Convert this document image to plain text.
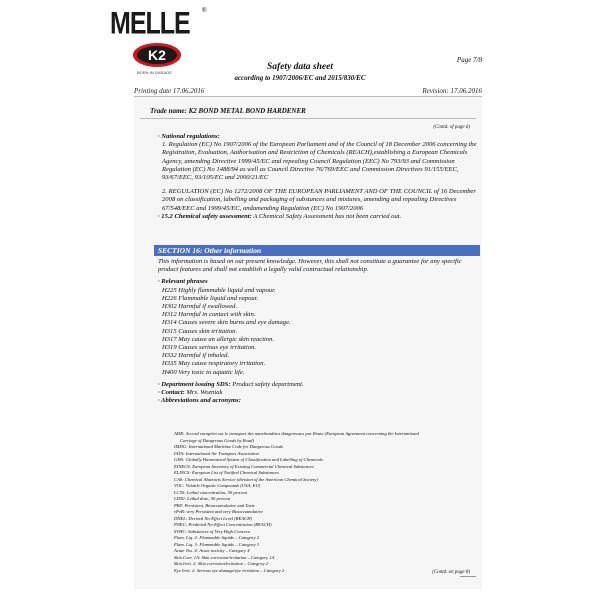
MELLE ®
K2
BORN IN GARAGE
Page 7/8
Safety data sheet
according to 1907/2006/EC and 2015/830/EC
Printing date 17.06.2016	Revision: 17.06.2016
Trade name: K2 BOND METAL BOND HARDENER
(Contd. of page 6)

· National regulations:

1. Regulation (EC) No 1907/2006 of the European Parliament and of the Council of 18 December 2006 concerning the Registration, Evaluation, Authorisation and Restriction of Chemicals (REACH),establishing a European Chemicals Agency, amending Directive 1999/45/EC and repealing Council Regulation (EEC) No 793/93 and Commission Regulation (EC) No 1488/94 as well as Council Directive 76/769/EEC and Commission Directives 91/155/EEC, 93/67/EEC, 93/105/EC and 2000/21/EC

2. REGULATION (EC) No 1272/2008 OF THE EUROPEAN PARLIAMENT AND OF THE COUNCIL of 16 December 2008 on classification, labelling and packaging of substances and mixtures, amending and repealing Directives 67/548/EEC and 1999/45/EC, andamending Regulation (EC) No 1907/2006

· 15.2 Chemical safety assessment: A Chemical Safety Assessment has not been carried out.

SECTION 16: Other information

This information is based on our present knowledge. However, this shall not constitute a guarantee for any specific product features and shall not establish a legally valid contractual relationship.

· Relevant phrases

H225 Highly flammable liquid and vapour.

H226 Flammable liquid and vapour.

H302 Harmful if swallowed.

H312 Harmful in contact with skin.

H314 Causes severe skin burns and eye damage.

H315 Causes skin irritation.

H317 May cause an allergic skin reaction.

H319 Causes serious eye irritation.

H332 Harmful if inhaled.

H335 May cause respiratory irritation.

H400 Very toxic to aquatic life.

· Department issuing SDS: Product safety department.

· Contact: Mrs. Wozniak

· Abbreviations and acronyms:

ADR: Accord européen sur le transport des marchandises dangereuses par Route (European Agreement concerning the International

Carriage of Dangerous Goods by Road)

IMDG: International Maritime Code for Dangerous Goods

IATA: International Air Transport Association

GHS: Globally Harmonised System of Classification and Labelling of Chemicals

EINECS: European Inventory of Existing Commercial Chemical Substances

ELINCS: European List of Notified Chemical Substances

CAS: Chemical Abstracts Service (division of the American Chemical Society)

VOC: Volatile Organic Compounds (USA, EU)

LC50: Lethal concentration, 50 percent

LD50: Lethal dose, 50 percent

PBT: Persistent, Bioaccumulative and Toxic

vPvB: very Persistent and very Bioaccumulative

DNEL: Derived No-Effect Level (REACH)

PNEC: Predicted No-Effect Concentration (REACH)

SVHC: Substances of Very High Concern

Flam. Liq. 2: Flammable liquids – Category 2

Flam. Liq. 3: Flammable liquids – Category 3

Acute Tox. 4: Acute toxicity – Category 4

Skin Corr. 1A: Skin corrosion/irritation – Category 1A

Skin Irrit. 2: Skin corrosion/irritation – Category 2

Eye Irrit. 2: Serious eye damage/eye irritation – Category 2	(Contd. on page 8)
